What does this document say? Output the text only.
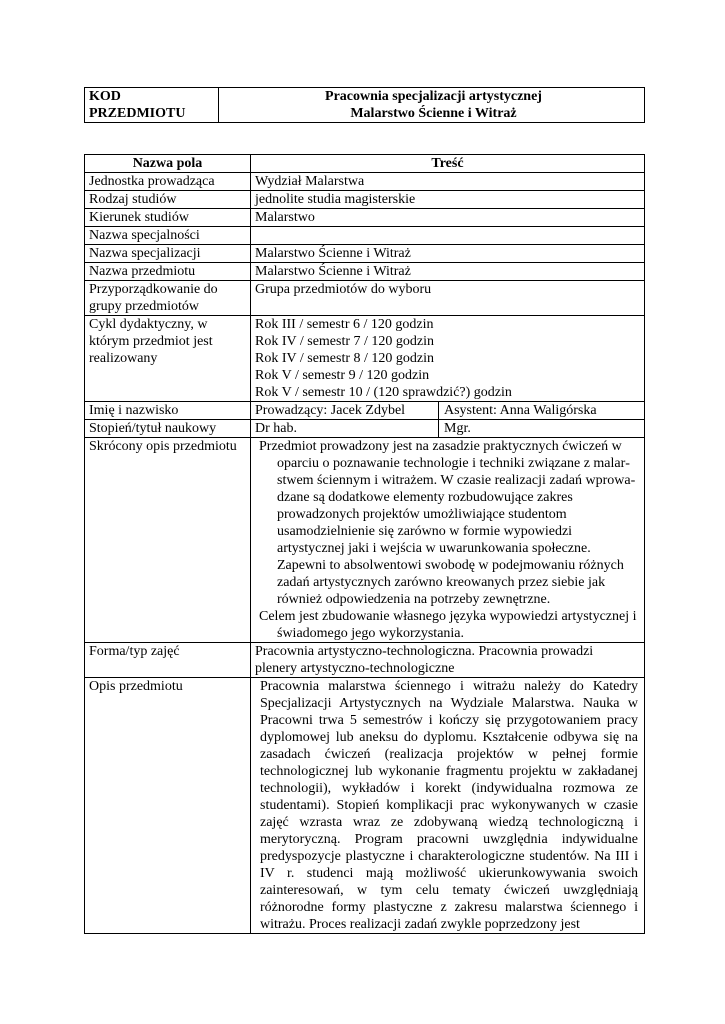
KOD
PRZEDMIOTU

Pracownia specjalizacji artystycznej
Malarstwo Ścienne i Witraż
Nazwa pola	Treść
Jednostka prowadząca	Wydział Malarstwa
Rodzaj studiów	jednolite studia magisterskie
Kierunek studiów	Malarstwo
Nazwa specjalności	
Nazwa specjalizacji	Malarstwo Ścienne i Witraż
Nazwa przedmiotu	Malarstwo Ścienne i Witraż

Przyporządkowanie do
grupy przedmiotów	Grupa przedmiotów do wyboru

Cykl dydaktyczny, w
którym przedmiot jest
realizowany	Rok III / semestr 6 / 120 godzin
Rok IV / semestr 7 / 120 godzin
Rok IV / semestr 8 / 120 godzin
Rok V / semestr 9 / 120 godzin
Rok V / semestr 10 / (120 sprawdzić?) godzin

Imię i nazwisko	Prowadzący: Jacek Zdybel Asystent: Anna Waligórska

Stopień/tytuł naukowy	Dr hab. Mgr.

Skrócony opis przedmiotu	Przedmiot prowadzony jest na zasadzie praktycznych ćwiczeń w oparciu o poznawanie technologie i techniki związane z malarstwem ściennym i witrażem. W czasie realizacji zadań wprowadzane są dodatkowe elementy rozbudowujące zakres prowadzonych projektów umożliwiające studentom usamodzielnienie się zarówno w formie wypowiedzi artystycznej jaki i wejścia w uwarunkowania społeczne. Zapewni to absolwentowi swobodę w podejmowaniu różnych zadań artystycznych zarówno kreowanych przez siebie jak również odpowiedzenia na potrzeby zewnętrzne.

Celem jest zbudowanie własnego języka wypowiedzi artystycznej i świadomego jego wykorzystania.

Forma/typ zajęć	Pracownia artystyczno-technologiczna. Pracownia prowadzi plenery artystyczno-technologiczne
Opis przedmiotu	Pracownia malarstwa ściennego i witrażu należy do Katedry Specjalizacji Artystycznych na Wydziale Malarstwa. Nauka w Pracowni trwa 5 semestrów i kończy się przygotowaniem pracy dyplomowej lub aneksu do dyplomu. Kształcenie odbywa się na zasadach ćwiczeń (realizacja projektów w pełnej formie technologicznej lub wykonanie fragmentu projektu w zakładanej technologii), wykładów i korekt (indywidualna rozmowa ze studentami). Stopień komplikacji prac wykonywanych w czasie zajęć wzrasta wraz ze zdobywaną wiedzą technologiczną i merytoryczną. Program pracowni uwzględnia indywidualne predyspozycje plastyczne i charakterologiczne studentów. Na III i IV r. studenci mają możliwość ukierunkowywania swoich zainteresowań, w tym celu tematy ćwiczeń uwzględniają różnorodne formy plastyczne z zakresu malarstwa ściennego i witrażu. Proces realizacji zadań zwykle poprzedzony jest
